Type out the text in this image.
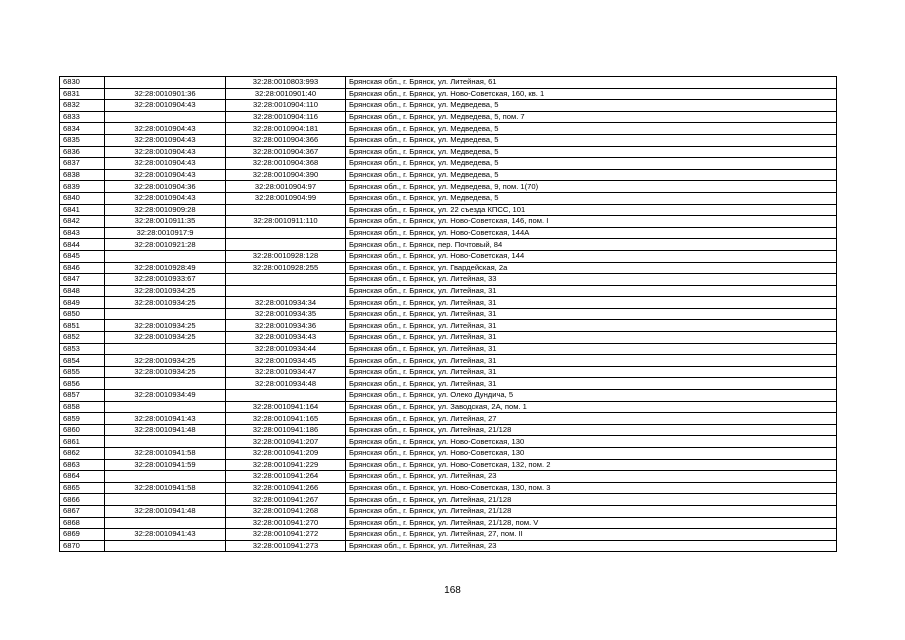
6830		32:28:0010803:993	Брянская обл., г. Брянск, ул. Литейная, 61
6831	32:28:0010901:36	32:28:0010901:40	Брянская обл., г. Брянск, ул. Ново-Советская, 160, кв. 1
6832	32:28:0010904:43	32:28:0010904:110	Брянская обл., г. Брянск, ул. Медведева, 5
6833		32:28:0010904:116	Брянская обл., г. Брянск, ул. Медведева, 5, пом. 7
6834	32:28:0010904:43	32:28:0010904:181	Брянская обл., г. Брянск, ул. Медведева, 5
6835	32:28:0010904:43	32:28:0010904:366	Брянская обл., г. Брянск, ул. Медведева, 5
6836	32:28:0010904:43	32:28:0010904:367	Брянская обл., г. Брянск, ул. Медведева, 5
6837	32:28:0010904:43	32:28:0010904:368	Брянская обл., г. Брянск, ул. Медведева, 5
6838	32:28:0010904:43	32:28:0010904:390	Брянская обл., г. Брянск, ул. Медведева, 5
6839	32:28:0010904:36	32:28:0010904:97	Брянская обл., г. Брянск, ул. Медведева, 9, пом. 1(70)
6840	32:28:0010904:43	32:28:0010904:99	Брянская обл., г. Брянск, ул. Медведева, 5
6841	32:28:0010909:28		Брянская обл., г. Брянск, ул. 22 съезда КПСС, 101
6842	32:28:0010911:35	32:28:0010911:110	Брянская обл., г. Брянск, ул. Ново-Советская, 146, пом. I
6843	32:28:0010917:9		Брянская обл., г. Брянск, ул. Ново-Советская, 144А
6844	32:28:0010921:28		Брянская обл., г. Брянск, пер. Почтовый, 84
6845		32:28:0010928:128	Брянская обл., г. Брянск, ул. Ново-Советская, 144
6846	32:28:0010928:49	32:28:0010928:255	Брянская обл., г. Брянск, ул. Гвардейская, 2а
6847	32:28:0010933:67		Брянская обл., г. Брянск, ул. Литейная, 33
6848	32:28:0010934:25		Брянская обл., г. Брянск, ул. Литейная, 31
6849	32:28:0010934:25	32:28:0010934:34	Брянская обл., г. Брянск, ул. Литейная, 31
6850		32:28:0010934:35	Брянская обл., г. Брянск, ул. Литейная, 31
6851	32:28:0010934:25	32:28:0010934:36	Брянская обл., г. Брянск, ул. Литейная, 31
6852	32:28:0010934:25	32:28:0010934:43	Брянская обл., г. Брянск, ул. Литейная, 31
6853		32:28:0010934:44	Брянская обл., г. Брянск, ул. Литейная, 31
6854	32:28:0010934:25	32:28:0010934:45	Брянская обл., г. Брянск, ул. Литейная, 31
6855	32:28:0010934:25	32:28:0010934:47	Брянская обл., г. Брянск, ул. Литейная, 31
6856		32:28:0010934:48	Брянская обл., г. Брянск, ул. Литейная, 31
6857	32:28:0010934:49		Брянская обл., г. Брянск, ул. Олеко Дундича, 5
6858		32:28:0010941:164	Брянская обл., г. Брянск, ул. Заводская, 2А, пом. 1
6859	32:28:0010941:43	32:28:0010941:165	Брянская обл., г. Брянск, ул. Литейная, 27
6860	32:28:0010941:48	32:28:0010941:186	Брянская обл., г. Брянск, ул. Литейная, 21/128
6861		32:28:0010941:207	Брянская обл., г. Брянск, ул. Ново-Советская, 130
6862	32:28:0010941:58	32:28:0010941:209	Брянская обл., г. Брянск, ул. Ново-Советская, 130
6863	32:28:0010941:59	32:28:0010941:229	Брянская обл., г. Брянск, ул. Ново-Советская, 132, пом. 2
6864		32:28:0010941:264	Брянская обл., г. Брянск, ул. Литейная, 23
6865	32:28:0010941:58	32:28:0010941:266	Брянская обл., г. Брянск, ул. Ново-Советская, 130, пом. 3
6866		32:28:0010941:267	Брянская обл., г. Брянск, ул. Литейная, 21/128
6867	32:28:0010941:48	32:28:0010941:268	Брянская обл., г. Брянск, ул. Литейная, 21/128
6868		32:28:0010941:270	Брянская обл., г. Брянск, ул. Литейная, 21/128, пом. V
6869	32:28:0010941:43	32:28:0010941:272	Брянская обл., г. Брянск, ул. Литейная, 27, пом. II
6870		32:28:0010941:273	Брянская обл., г. Брянск, ул. Литейная, 23
168
